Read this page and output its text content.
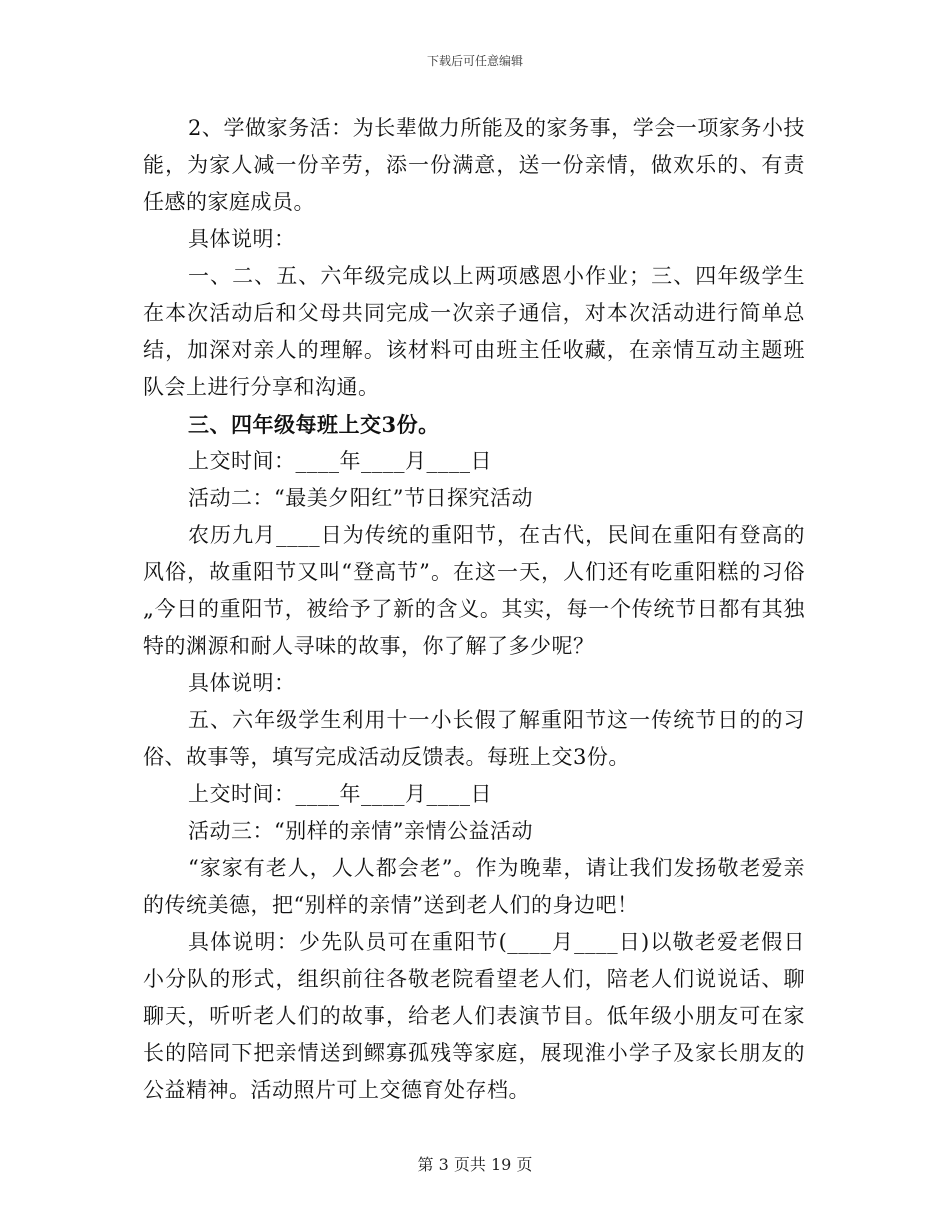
下载后可任意编辑

2、学做家务活：为长辈做力所能及的家务事，学会一项家务小技能，为家人减一份辛劳，添一份满意，送一份亲情，做欢乐的、有责任感的家庭成员。

具体说明：

一、二、五、六年级完成以上两项感恩小作业；三、四年级学生在本次活动后和父母共同完成一次亲子通信，对本次活动进行简单总结，加深对亲人的理解。该材料可由班主任收藏，在亲情互动主题班队会上进行分享和沟通。

三、四年级每班上交3份。

上交时间：____年____月____日

活动二：“最美夕阳红”节日探究活动

农历九月____日为传统的重阳节，在古代，民间在重阳有登高的风俗，故重阳节又叫“登高节”。在这一天，人们还有吃重阳糕的习俗„今日的重阳节，被给予了新的含义。其实，每一个传统节日都有其独特的渊源和耐人寻味的故事，你了解了多少呢？

具体说明：

五、六年级学生利用十一小长假了解重阳节这一传统节日的的习俗、故事等，填写完成活动反馈表。每班上交3份。

上交时间：____年____月____日

活动三：“别样的亲情”亲情公益活动

“家家有老人，人人都会老”。作为晚辈，请让我们发扬敬老爱亲的传统美德，把“别样的亲情”送到老人们的身边吧！

具体说明：少先队员可在重阳节(____月____日)以敬老爱老假日小分队的形式，组织前往各敬老院看望老人们，陪老人们说说话、聊聊天，听听老人们的故事，给老人们表演节目。低年级小朋友可在家长的陪同下把亲情送到鳏寡孤残等家庭，展现淮小学子及家长朋友的公益精神。活动照片可上交德育处存档。

第 3 页共 19 页
